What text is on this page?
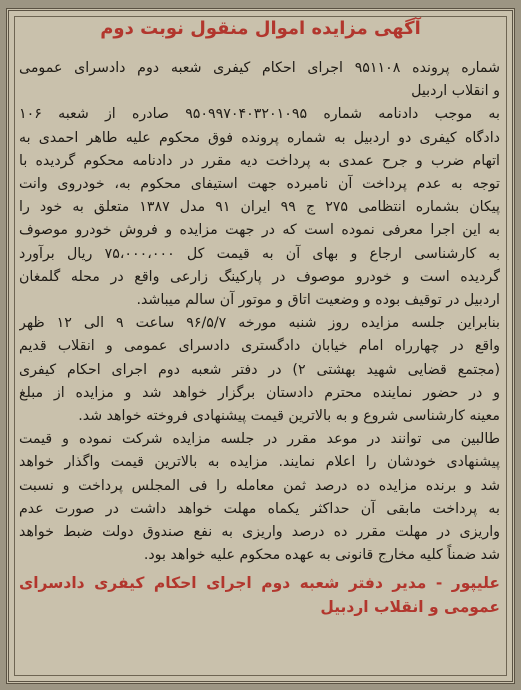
آگهی مزایده اموال منقول نوبت دوم
شماره پرونده ۹۵۱۱۰۸ اجرای احکام کیفری شعبه دوم دادسرای عمومی
و انقلاب اردبیل
به موجب دادنامه شماره ۹۵۰۹۹۷۰۴۰۳۲۰۱۰۹۵ صادره از شعبه ۱۰۶
دادگاه کیفری دو اردبیل به شماره پرونده فوق محکوم علیه طاهر احمدی به
اتهام ضرب و جرح عمدی به پرداخت دیه مقرر در دادنامه محکوم گردیده با
توجه به عدم پرداخت آن نامبرده جهت استیفای محکوم به، خودروی وانت
پیکان بشماره انتظامی ۲۷۵ ج ۹۹ ایران ۹۱ مدل ۱۳۸۷ متعلق به خود را
به این اجرا معرفی نموده است که در جهت مزایده و فروش خودرو موصوف
به کارشناسی ارجاع و بهای آن به قیمت کل ۷۵،۰۰۰،۰۰۰ ریال برآورد
گردیده است و خودرو موصوف در پارکینگ زارعی واقع در محله گلمغان
اردبیل در توقیف بوده و وضعیت اتاق و موتور آن سالم میباشد.
بنابراین جلسه مزایده روز شنبه مورخه ۹۶/۵/۷ ساعت ۹ الی ۱۲ ظهر
واقع در چهارراه امام خیابان دادگستری دادسرای عمومی و انقلاب قدیم
(مجتمع قضایی شهید بهشتی ۲) در دفتر شعبه دوم اجرای احکام کیفری
و در حضور نماینده محترم دادستان برگزار خواهد شد و مزایده از مبلغ
معینه کارشناسی شروع و به بالاترین قیمت پیشنهادی فروخته خواهد شد.
طالبین می توانند در موعد مقرر در جلسه مزایده شرکت نموده و قیمت
پیشنهادی خودشان را اعلام نمایند. مزایده به بالاترین قیمت واگذار خواهد
شد و برنده مزایده ده درصد ثمن معامله را فی المجلس پرداخت و نسبت
به پرداخت مابقی آن حداکثر یکماه مهلت خواهد داشت در صورت عدم
واریزی در مهلت مقرر ده درصد واریزی به نفع صندوق دولت ضبط خواهد
شد ضمناً کلیه مخارج قانونی به عهده محکوم علیه خواهد بود.
علیپور - مدیر دفتر شعبه دوم اجرای احکام کیفری دادسرای
عمومی و انقلاب اردبیل
